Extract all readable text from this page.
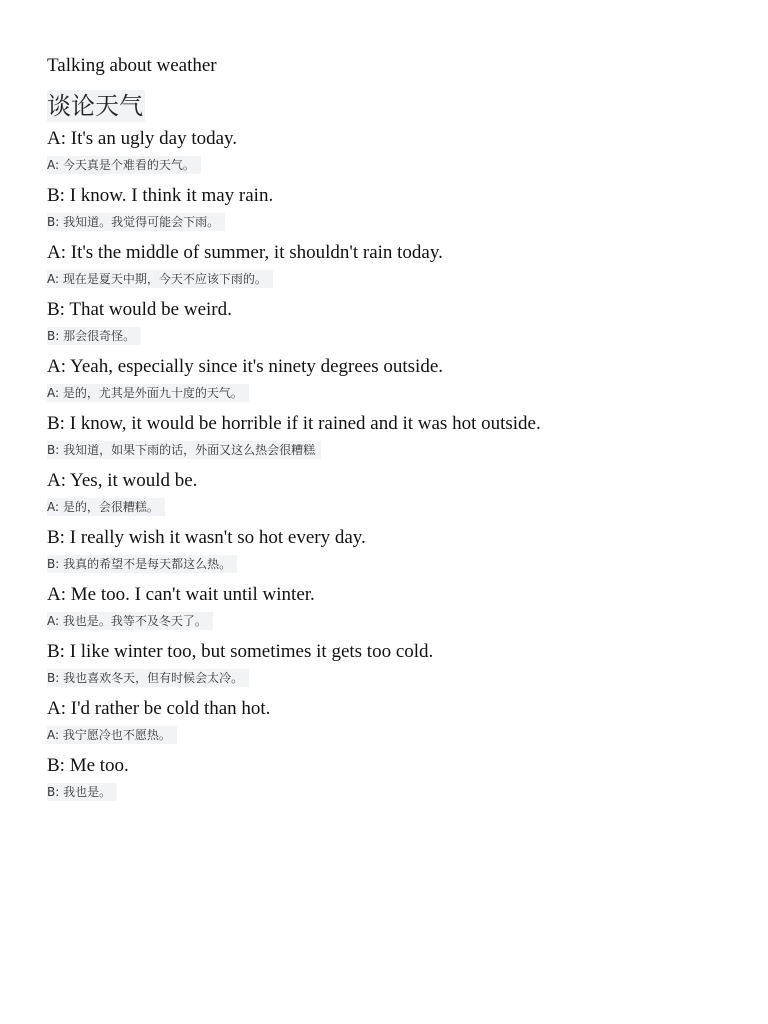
Talking about weather
谈论天气
A: It's an ugly day today.
A: 今天真是个难看的天气。
B: I know. I think it may rain.
B: 我知道。我觉得可能会下雨。
A: It's the middle of summer, it shouldn't rain today.
A: 现在是夏天中期，今天不应该下雨的。
B: That would be weird.
B: 那会很奇怪。
A: Yeah, especially since it's ninety degrees outside.
A: 是的，尤其是外面九十度的天气。
B: I know, it would be horrible if it rained and it was hot outside.
B: 我知道，如果下雨的话，外面又这么热会很糟糕
A: Yes, it would be.
A: 是的，会很糟糕。
B: I really wish it wasn't so hot every day.
B: 我真的希望不是每天都这么热。
A: Me too. I can't wait until winter.
A: 我也是。我等不及冬天了。
B: I like winter too, but sometimes it gets too cold.
B: 我也喜欢冬天，但有时候会太冷。
A: I'd rather be cold than hot.
A: 我宁愿冷也不愿热。
B: Me too.
B: 我也是。
